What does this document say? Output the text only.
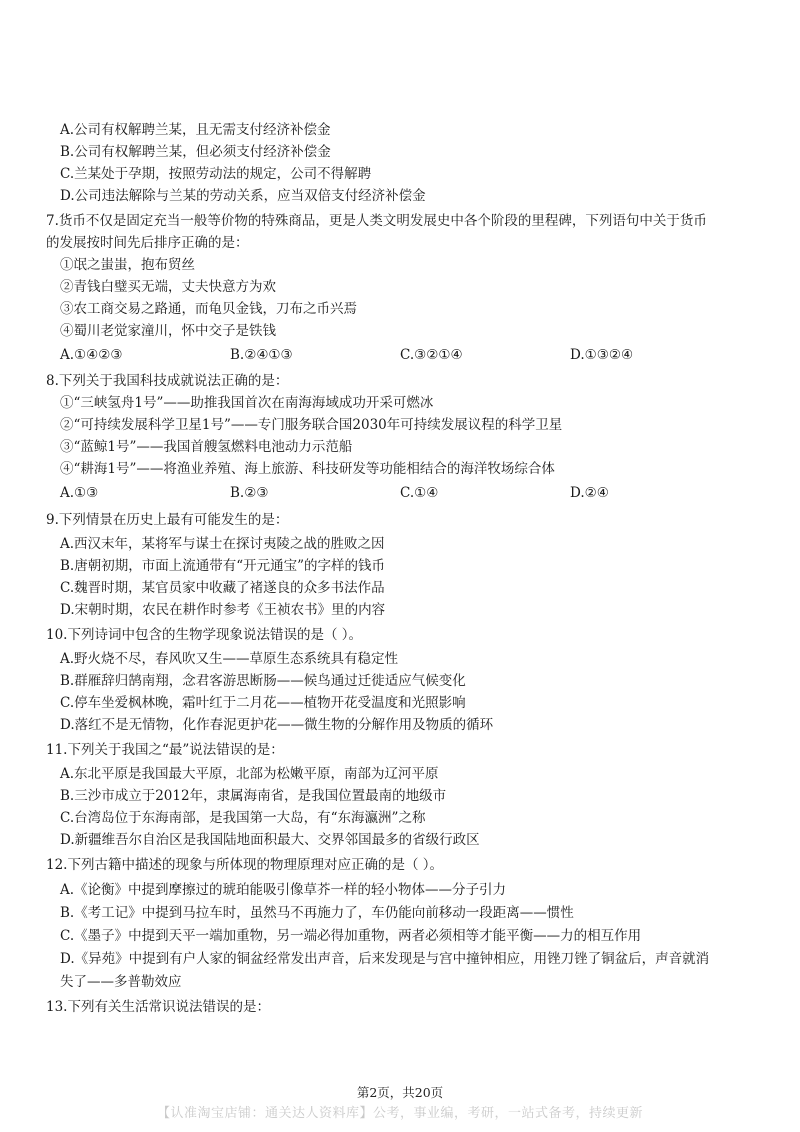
A.公司有权解聘兰某，且无需支付经济补偿金
B.公司有权解聘兰某，但必须支付经济补偿金
C.兰某处于孕期，按照劳动法的规定，公司不得解聘
D.公司违法解除与兰某的劳动关系，应当双倍支付经济补偿金
7.货币不仅是固定充当一般等价物的特殊商品，更是人类文明发展史中各个阶段的里程碑，下列语句中关于货币
的发展按时间先后排序正确的是：
①氓之蚩蚩，抱布贸丝
②青钱白璧买无端，丈夫快意方为欢
③农工商交易之路通，而龟贝金钱，刀布之币兴焉
④蜀川老觉家潼川，怀中交子是铁钱
A.①④②③	B.②④①③	C.③②①④	D.①③②④
8.下列关于我国科技成就说法正确的是：
①“三峡氢舟1号”——助推我国首次在南海海域成功开采可燃冰
②“可持续发展科学卫星1号”——专门服务联合国2030年可持续发展议程的科学卫星
③“蓝鲸1号”——我国首艘氢燃料电池动力示范船
④“耕海1号”——将渔业养殖、海上旅游、科技研发等功能相结合的海洋牧场综合体
A.①③	B.②③	C.①④	D.②④
9.下列情景在历史上最有可能发生的是：
A.西汉末年，某将军与谋士在探讨夷陵之战的胜败之因
B.唐朝初期，市面上流通带有“开元通宝”的字样的钱币
C.魏晋时期，某官员家中收藏了褚遂良的众多书法作品
D.宋朝时期，农民在耕作时参考《王祯农书》里的内容
10.下列诗词中包含的生物学现象说法错误的是（ ）。
A.野火烧不尽，春风吹又生——草原生态系统具有稳定性
B.群雁辞归鹄南翔，念君客游思断肠——候鸟通过迁徙适应气候变化
C.停车坐爱枫林晚，霜叶红于二月花——植物开花受温度和光照影响
D.落红不是无情物，化作春泥更护花——微生物的分解作用及物质的循环
11.下列关于我国之“最”说法错误的是：
A.东北平原是我国最大平原，北部为松嫩平原，南部为辽河平原
B.三沙市成立于2012年，隶属海南省，是我国位置最南的地级市
C.台湾岛位于东海南部，是我国第一大岛，有“东海瀛洲”之称
D.新疆维吾尔自治区是我国陆地面积最大、交界邻国最多的省级行政区
12.下列古籍中描述的现象与所体现的物理原理对应正确的是（ ）。
A.《论衡》中提到摩擦过的琥珀能吸引像草芥一样的轻小物体——分子引力
B.《考工记》中提到马拉车时，虽然马不再施力了，车仍能向前移动一段距离——惯性
C.《墨子》中提到天平一端加重物，另一端必得加重物，两者必须相等才能平衡——力的相互作用
D.《异苑》中提到有户人家的铜盆经常发出声音，后来发现是与宫中撞钟相应，用锉刀锉了铜盆后，声音就消
失了——多普勒效应
13.下列有关生活常识说法错误的是：
第2页，共20页
【认准淘宝店铺：通关达人资料库】公考，事业编，考研，一站式备考，持续更新
